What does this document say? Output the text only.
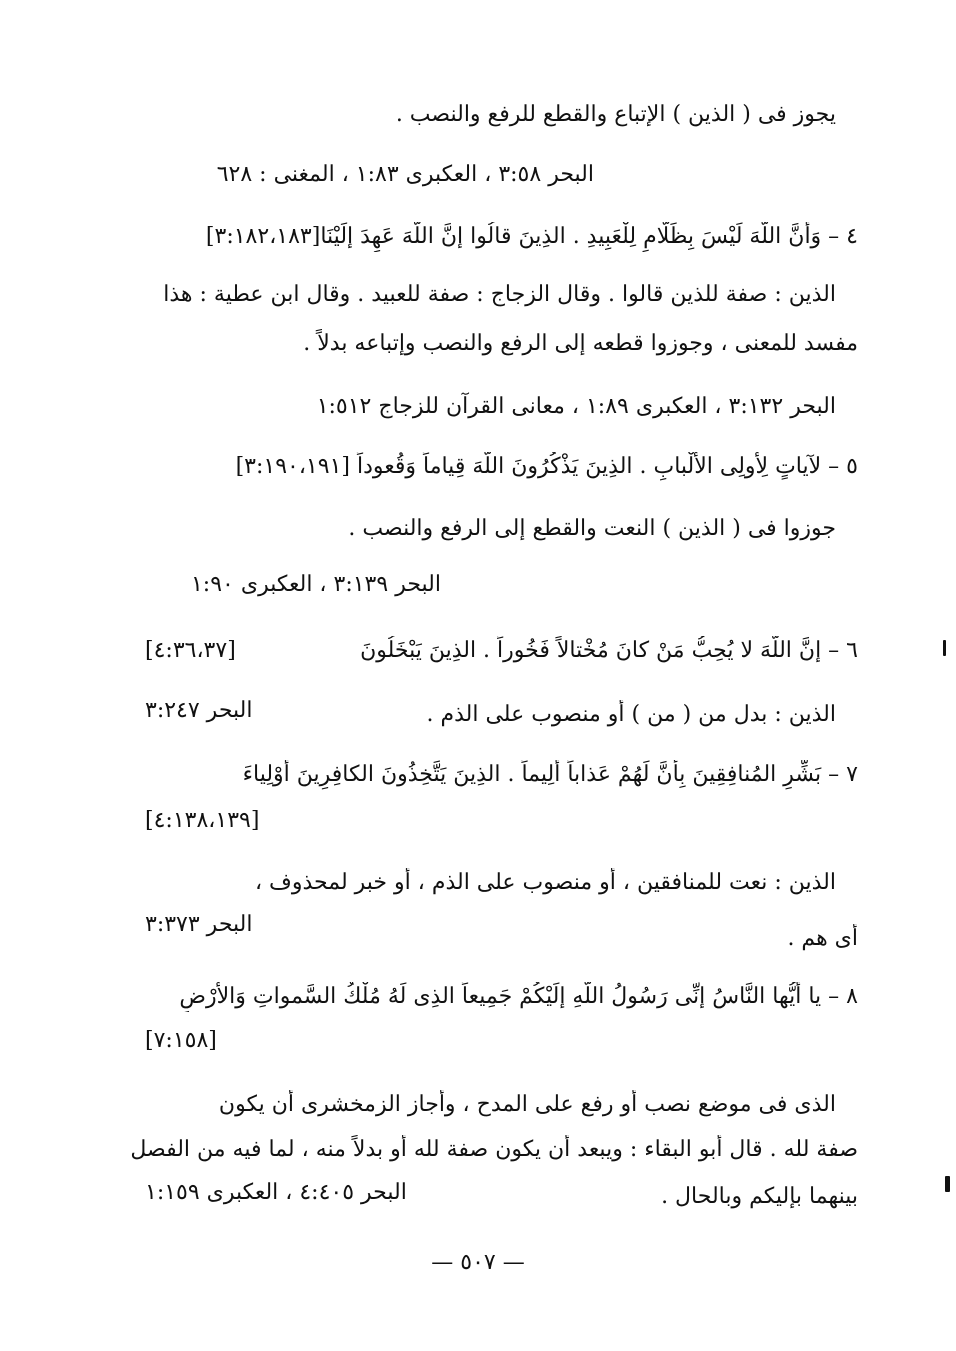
يجوز فى ( الذين ) الإتباع والقطع للرفع والنصب .
البحر ٣:٥٨ ، العكبرى ١:٨٣ ، المغنى : ٦٢٨
٤ – وَأَنَّ اللّهَ لَيْسَ بِظَلَّامٍ لِلْعَبِيدِ . الذِينَ قالُوا إنَّ اللّهَ عَهِدَ إلَيْنَا[٣:١٨٢،١٨٣]
الذين : صفة للذين قالوا . وقال الزجاج : صفة للعبيد . وقال ابن عطية : هذا
مفسد للمعنى ، وجوزوا قطعه إلى الرفع والنصب وإتباعه بدلاً .
البحر ٣:١٣٢ ، العكبرى ١:٨٩ ، معانى القرآن للزجاج ١:٥١٢
٥ – لآياتٍ لِأُولِى الأَلْبابِ . الذِينَ يَذْكُرُونَ اللّهَ قِياماً وَقُعوداً [٣:١٩٠،١٩١]
جوزوا فى ( الذين ) النعت والقطع إلى الرفع والنصب .
البحر ٣:١٣٩ ، العكبرى ١:٩٠
٦ – إنَّ اللّهَ لا يُحِبُّ مَنْ كانَ مُخْتالاً فَخُوراً . الذِينَ يَبْخَلُونَ
[٤:٣٦،٣٧]
الذين : بدل من ( من ) أو منصوب على الذم .
البحر ٣:٢٤٧
٧ – بَشِّرِ المُنافِقِينَ بِأَنَّ لَهُمْ عَذاباً أَلِيماً . الذِينَ يَتَّخِذُونَ الكافِرِينَ أَوْلِياءَ
[٤:١٣٨،١٣٩]
الذين : نعت للمنافقين ، أو منصوب على الذم ، أو خبر لمحذوف ،
البحر ٣:٣٧٣
أى هم .
٨ – يا أَيُّها النَّاسُ إنِّى رَسُولُ اللّهِ إلَيْكُمْ جَمِيعاً الذِى لَهُ مُلْكُ السَّمواتِ وَالأَرْضِ
[٧:١٥٨]
الذى فى موضع نصب أو رفع على المدح ، وأجاز الزمخشرى أن يكون
صفة لله . قال أبو البقاء : ويبعد أن يكون صفة لله أو بدلاً منه ، لما فيه من الفصل
البحر ٤:٤٠٥ ، العكبرى ١:١٥٩	بينهما بإليكم وبالحال .
— ٥٠٧ —
